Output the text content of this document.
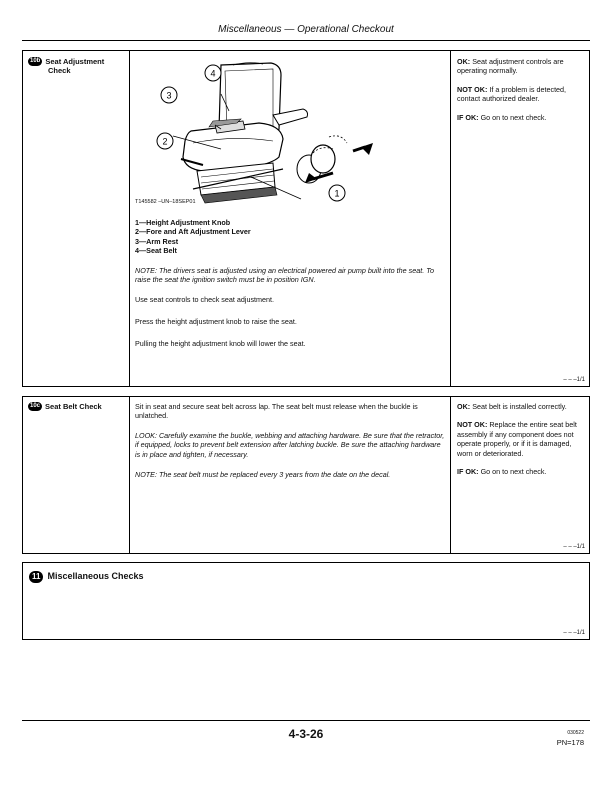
Miscellaneous — Operational Checkout
10b Seat Adjustment
Check
1
2
3
4
T145582 –UN–18SEP01
1—Height Adjustment Knob
2—Fore and Aft Adjustment Lever
3—Arm Rest
4—Seat Belt
NOTE: The drivers seat is adjusted using an electrical powered air pump built into the seat. To raise the seat the ignition switch must be in position IGN.
Use seat controls to check seat adjustment.
Press the height adjustment knob to raise the seat.
Pulling the height adjustment knob will lower the seat.
OK: Seat adjustment controls are operating normally.
NOT OK: If a problem is detected, contact authorized dealer.
IF OK: Go on to next check.
– – –1/1
10c Seat Belt Check	Sit in seat and secure seat belt across lap. The seat belt must release when the buckle is unlatched.
LOOK: Carefully examine the buckle, webbing and attaching hardware. Be sure that the retractor, if equipped, locks to prevent belt extension after latching buckle. Be sure the attaching hardware is in place and tighten, if necessary.
NOTE: The seat belt must be replaced every 3 years from the date on the decal.
OK: Seat belt is installed correctly.
NOT OK: Replace the entire seat belt assembly if any component does not operate properly, or if it is damaged, worn or deteriorated.
IF OK: Go on to next check.
– – –1/1
11 Miscellaneous Checks
– – –1/1
4-3-26	030522
PN=178
